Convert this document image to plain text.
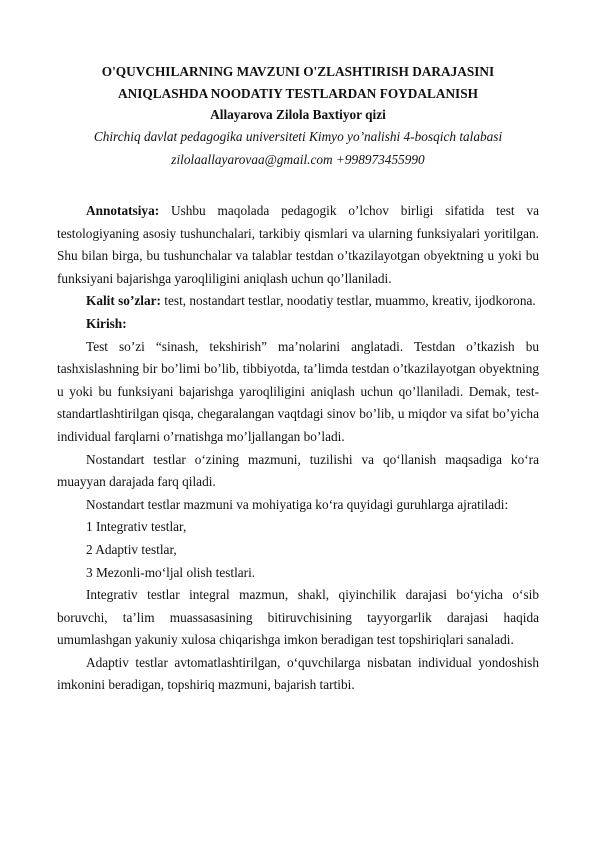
O'QUVCHILARNING MAVZUNI O'ZLASHTIRISH DARAJASINI
ANIQLASHDA NOODATIY TESTLARDAN FOYDALANISH
Allayarova Zilola Baxtiyor qizi
Chirchiq davlat pedagogika universiteti Kimyo yo’nalishi 4-bosqich talabasi
zilolaallayarovaa@gmail.com +998973455990

Annotatsiya: Ushbu maqolada pedagogik o’lchov birligi sifatida test va testologiyaning asosiy tushunchalari, tarkibiy qismlari va ularning funksiyalari yoritilgan. Shu bilan birga, bu tushunchalar va talablar testdan o’tkazilayotgan obyektning u yoki bu funksiyani bajarishga yaroqliligini aniqlash uchun qo’llaniladi.

Kalit so’zlar: test, nostandart testlar, noodatiy testlar, muammo, kreativ, ijodkorona.

Kirish:

Test so’zi “sinash, tekshirish” ma’nolarini anglatadi. Testdan o’tkazish bu tashxislashning bir bo’limi bo’lib, tibbiyotda, ta’limda testdan o’tkazilayotgan obyektning u yoki bu funksiyani bajarishga yaroqliligini aniqlash uchun qo’llaniladi. Demak, test-standartlashtirilgan qisqa, chegaralangan vaqtdagi sinov bo’lib, u miqdor va sifat bo’yicha individual farqlarni o’rnatishga mo’ljallangan bo’ladi.

Nostandart testlar o‘zining mazmuni, tuzilishi va qo‘llanish maqsadiga ko‘ra muayyan darajada farq qiladi.

Nostandart testlar mazmuni va mohiyatiga ko‘ra quyidagi guruhlarga ajratiladi:

1 Integrativ testlar,

2 Adaptiv testlar,

3 Mezonli-mo‘ljal olish testlari.

Integrativ testlar integral mazmun, shakl, qiyinchilik darajasi bo‘yicha o‘sib boruvchi, ta’lim muassasasining bitiruvchisining tayyorgarlik darajasi haqida umumlashgan yakuniy xulosa chiqarishga imkon beradigan test topshiriqlari sanaladi.

Adaptiv testlar avtomatlashtirilgan, o‘quvchilarga nisbatan individual yondoshish imkonini beradigan, topshiriq mazmuni, bajarish tartibi.
